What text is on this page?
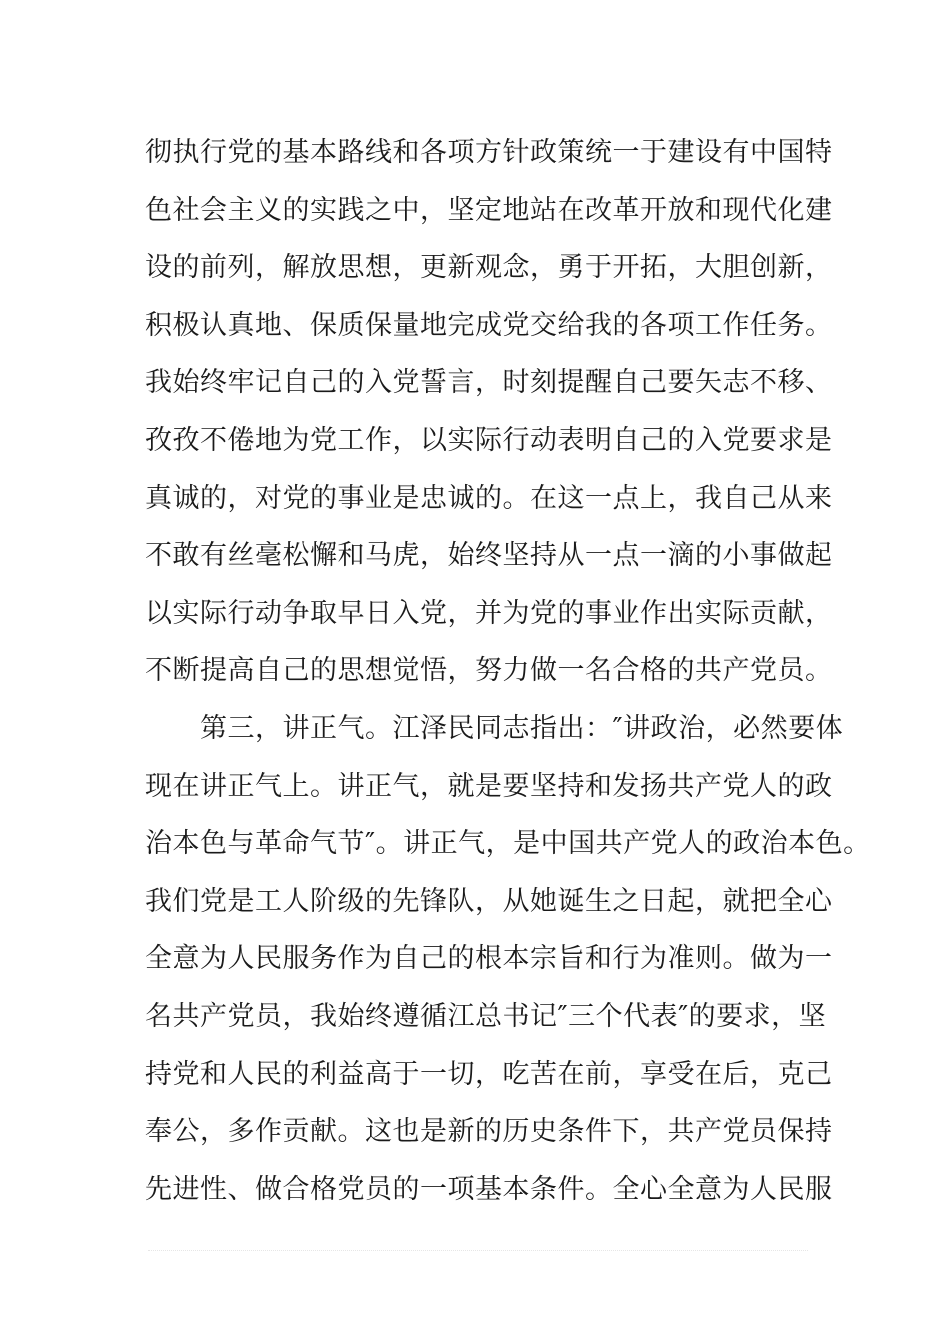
彻执行党的基本路线和各项方针政策统一于建设有中国特
色社会主义的实践之中，坚定地站在改革开放和现代化建
设的前列，解放思想，更新观念，勇于开拓，大胆创新，
积极认真地、保质保量地完成党交给我的各项工作任务。
我始终牢记自己的入党誓言，时刻提醒自己要矢志不移、
孜孜不倦地为党工作，以实际行动表明自己的入党要求是
真诚的，对党的事业是忠诚的。在这一点上，我自己从来
不敢有丝毫松懈和马虎，始终坚持从一点一滴的小事做起
以实际行动争取早日入党，并为党的事业作出实际贡献，
不断提高自己的思想觉悟，努力做一名合格的共产党员。
　　第三，讲正气。江泽民同志指出：″讲政治，必然要体
现在讲正气上。讲正气，就是要坚持和发扬共产党人的政
治本色与革命气节″。讲正气，是中国共产党人的政治本色。
我们党是工人阶级的先锋队，从她诞生之日起，就把全心
全意为人民服务作为自己的根本宗旨和行为准则。做为一
名共产党员，我始终遵循江总书记″三个代表″的要求，坚
持党和人民的利益高于一切，吃苦在前，享受在后，克己
奉公，多作贡献。这也是新的历史条件下，共产党员保持
先进性、做合格党员的一项基本条件。全心全意为人民服
